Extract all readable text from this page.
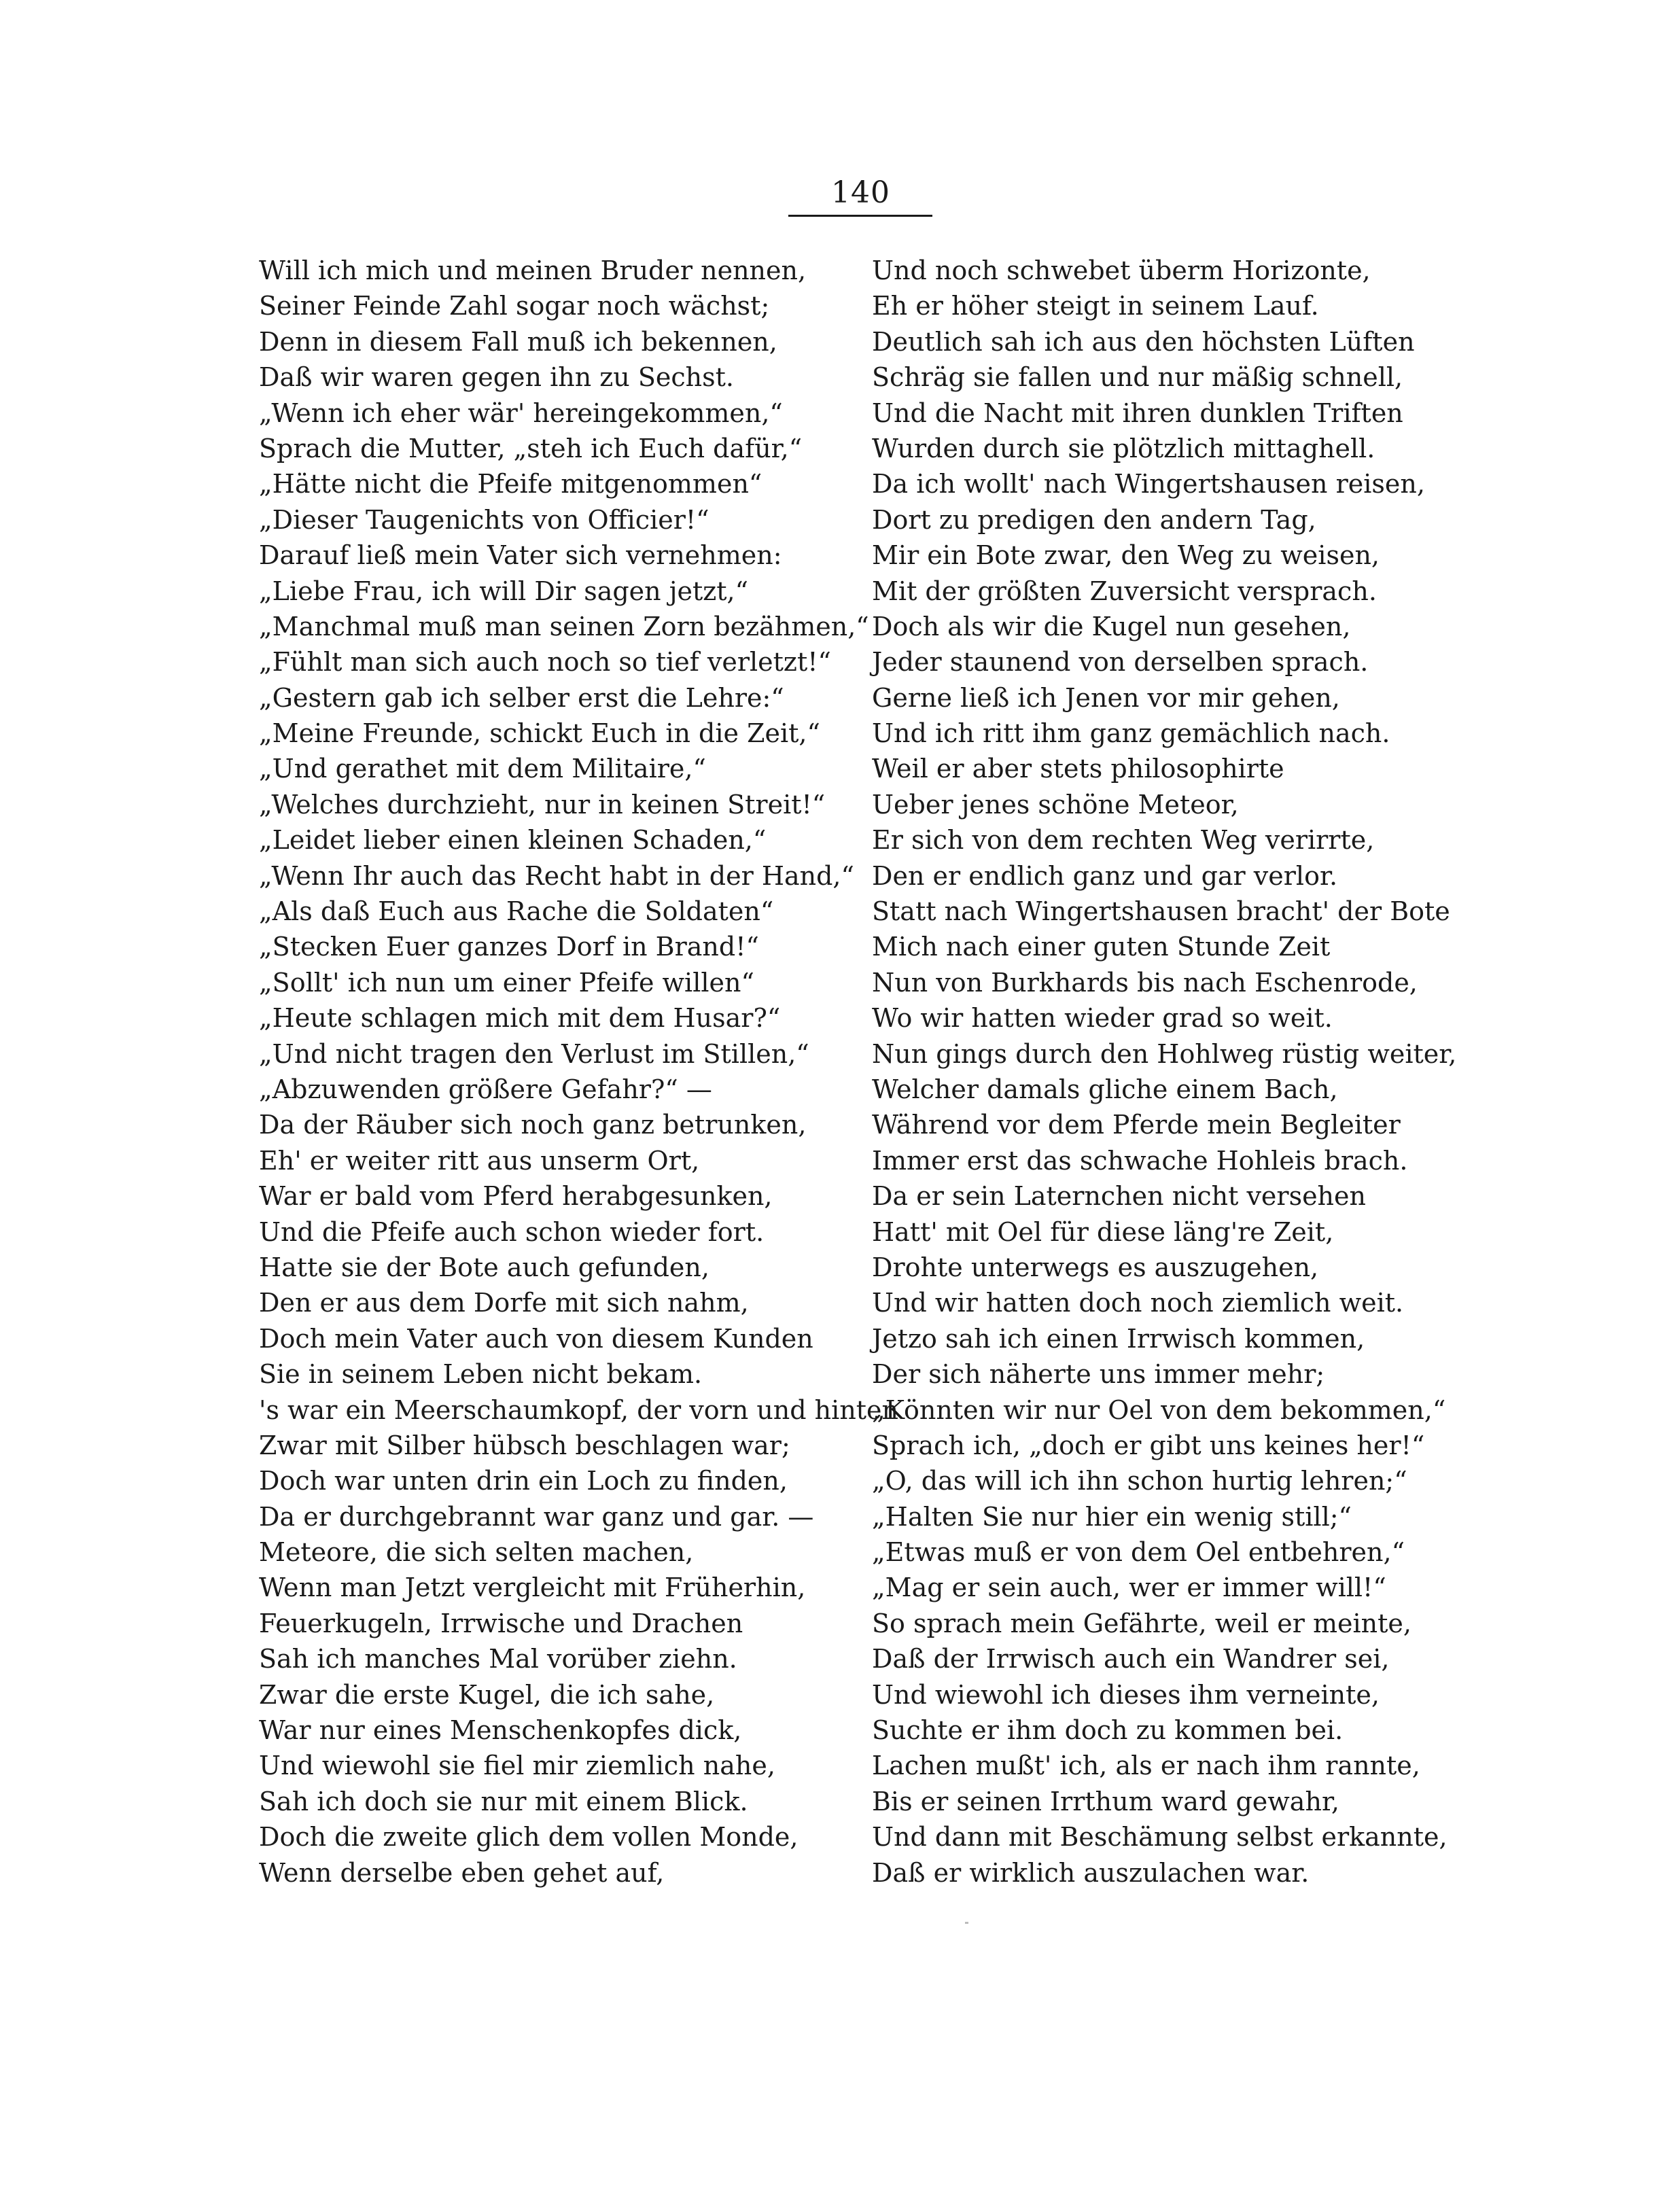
140
Will ich mich und meinen Bruder nennen,
Seiner Feinde Zahl sogar noch wächst;
Denn in diesem Fall muß ich bekennen,
Daß wir waren gegen ihn zu Sechst.
„Wenn ich eher wär' hereingekommen,“
Sprach die Mutter, „steh ich Euch dafür,“
„Hätte nicht die Pfeife mitgenommen“
„Dieser Taugenichts von Officier!“
Darauf ließ mein Vater sich vernehmen:
„Liebe Frau, ich will Dir sagen jetzt,“
„Manchmal muß man seinen Zorn bezähmen,“
„Fühlt man sich auch noch so tief verletzt!“
„Gestern gab ich selber erst die Lehre:“
„Meine Freunde, schickt Euch in die Zeit,“
„Und gerathet mit dem Militaire,“
„Welches durchzieht, nur in keinen Streit!“
„Leidet lieber einen kleinen Schaden,“
„Wenn Ihr auch das Recht habt in der Hand,“
„Als daß Euch aus Rache die Soldaten“
„Stecken Euer ganzes Dorf in Brand!“
„Sollt' ich nun um einer Pfeife willen“
„Heute schlagen mich mit dem Husar?“
„Und nicht tragen den Verlust im Stillen,“
„Abzuwenden größere Gefahr?“ —
Da der Räuber sich noch ganz betrunken,
Eh' er weiter ritt aus unserm Ort,
War er bald vom Pferd herabgesunken,
Und die Pfeife auch schon wieder fort.
Hatte sie der Bote auch gefunden,
Den er aus dem Dorfe mit sich nahm,
Doch mein Vater auch von diesem Kunden
Sie in seinem Leben nicht bekam.
's war ein Meerschaumkopf, der vorn und hinten
Zwar mit Silber hübsch beschlagen war;
Doch war unten drin ein Loch zu finden,
Da er durchgebrannt war ganz und gar. —
Meteore, die sich selten machen,
Wenn man Jetzt vergleicht mit Früherhin,
Feuerkugeln, Irrwische und Drachen
Sah ich manches Mal vorüber ziehn.
Zwar die erste Kugel, die ich sahe,
War nur eines Menschenkopfes dick,
Und wiewohl sie fiel mir ziemlich nahe,
Sah ich doch sie nur mit einem Blick.
Doch die zweite glich dem vollen Monde,
Wenn derselbe eben gehet auf,
Und noch schwebet überm Horizonte,
Eh er höher steigt in seinem Lauf.
Deutlich sah ich aus den höchsten Lüften
Schräg sie fallen und nur mäßig schnell,
Und die Nacht mit ihren dunklen Triften
Wurden durch sie plötzlich mittaghell.
Da ich wollt' nach Wingertshausen reisen,
Dort zu predigen den andern Tag,
Mir ein Bote zwar, den Weg zu weisen,
Mit der größten Zuversicht versprach.
Doch als wir die Kugel nun gesehen,
Jeder staunend von derselben sprach.
Gerne ließ ich Jenen vor mir gehen,
Und ich ritt ihm ganz gemächlich nach.
Weil er aber stets philosophirte
Ueber jenes schöne Meteor,
Er sich von dem rechten Weg verirrte,
Den er endlich ganz und gar verlor.
Statt nach Wingertshausen bracht' der Bote
Mich nach einer guten Stunde Zeit
Nun von Burkhards bis nach Eschenrode,
Wo wir hatten wieder grad so weit.
Nun gings durch den Hohlweg rüstig weiter,
Welcher damals gliche einem Bach,
Während vor dem Pferde mein Begleiter
Immer erst das schwache Hohleis brach.
Da er sein Laternchen nicht versehen
Hatt' mit Oel für diese läng're Zeit,
Drohte unterwegs es auszugehen,
Und wir hatten doch noch ziemlich weit.
Jetzo sah ich einen Irrwisch kommen,
Der sich näherte uns immer mehr;
„Könnten wir nur Oel von dem bekommen,“
Sprach ich, „doch er gibt uns keines her!“
„O, das will ich ihn schon hurtig lehren;“
„Halten Sie nur hier ein wenig still;“
„Etwas muß er von dem Oel entbehren,“
„Mag er sein auch, wer er immer will!“
So sprach mein Gefährte, weil er meinte,
Daß der Irrwisch auch ein Wandrer sei,
Und wiewohl ich dieses ihm verneinte,
Suchte er ihm doch zu kommen bei.
Lachen mußt' ich, als er nach ihm rannte,
Bis er seinen Irrthum ward gewahr,
Und dann mit Beschämung selbst erkannte,
Daß er wirklich auszulachen war.
